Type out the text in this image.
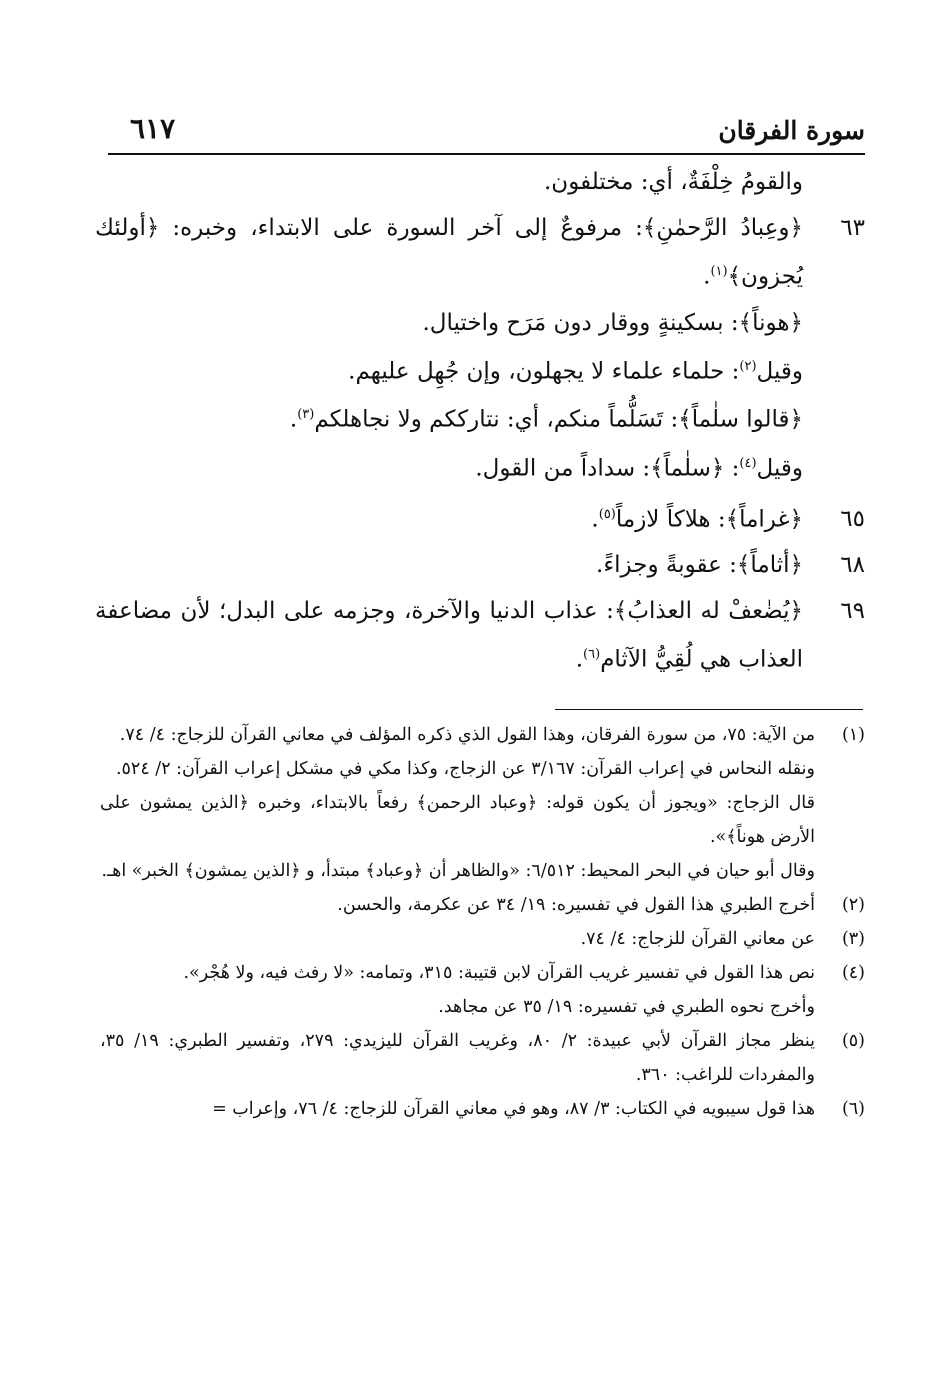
سورة الفرقان
٦١٧
والقومُ خِلْفَةٌ، أي: مختلفون.
٦٣
﴿وعِبادُ الرَّحمٰنِ﴾: مرفوعٌ إلى آخر السورة على الابتداء، وخبره: ﴿أولئك يُجزون﴾$^{(١)}$.
﴿هوناً﴾: بسكينةٍ ووقار دون مَرَح واختيال.
وقيل$^{(٢)}$: حلماء علماء لا يجهلون، وإن جُهِل عليهم.
﴿قالوا سلٰماً﴾: تَسَلُّماً منكم، أي: نتارككم ولا نجاهلكم$^{(٣)}$.
وقيل$^{(٤)}$: ﴿سلٰماً﴾: سداداً من القول.
٦٥
﴿غراماً﴾: هلاكاً لازماً$^{(٥)}$.
٦٨
﴿أثاماً﴾: عقوبةً وجزاءً.
٦٩
﴿يُضٰعفْ له العذابُ﴾: عذاب الدنيا والآخرة، وجزمه على البدل؛ لأن مضاعفة العذاب هي لُقِيُّ الآثام$^{(٦)}$.
(١)

من الآية: ٧٥، من سورة الفرقان، وهذا القول الذي ذكره المؤلف في معاني القرآن للزجاج: ٤/ ٧٤.

ونقله النحاس في إعراب القرآن: ٣/١٦٧ عن الزجاج، وكذا مكي في مشكل إعراب القرآن: ٢/ ٥٢٤.

قال الزجاج: «ويجوز أن يكون قوله: ﴿وعباد الرحمن﴾ رفعاً بالابتداء، وخبره ﴿الذين يمشون على الأرض هوناً﴾».

وقال أبو حيان في البحر المحيط: ٦/٥١٢: «والظاهر أن ﴿وعباد﴾ مبتدأ، و ﴿الذين يمشون﴾ الخبر» اهـ.

(٢)

أخرج الطبري هذا القول في تفسيره: ١٩/ ٣٤ عن عكرمة، والحسن.

(٣)

عن معاني القرآن للزجاج: ٤/ ٧٤.

(٤)

نص هذا القول في تفسير غريب القرآن لابن قتيبة: ٣١٥، وتمامه: «لا رفث فيه، ولا هُجْر».

وأخرج نحوه الطبري في تفسيره: ١٩/ ٣٥ عن مجاهد.

(٥)

ينظر مجاز القرآن لأبي عبيدة: ٢/ ٨٠، وغريب القرآن لليزيدي: ٢٧٩، وتفسير الطبري: ١٩/ ٣٥، والمفردات للراغب: ٣٦٠.

(٦)

هذا قول سيبويه في الكتاب: ٣/ ٨٧، وهو في معاني القرآن للزجاج: ٤/ ٧٦، وإعراب =
